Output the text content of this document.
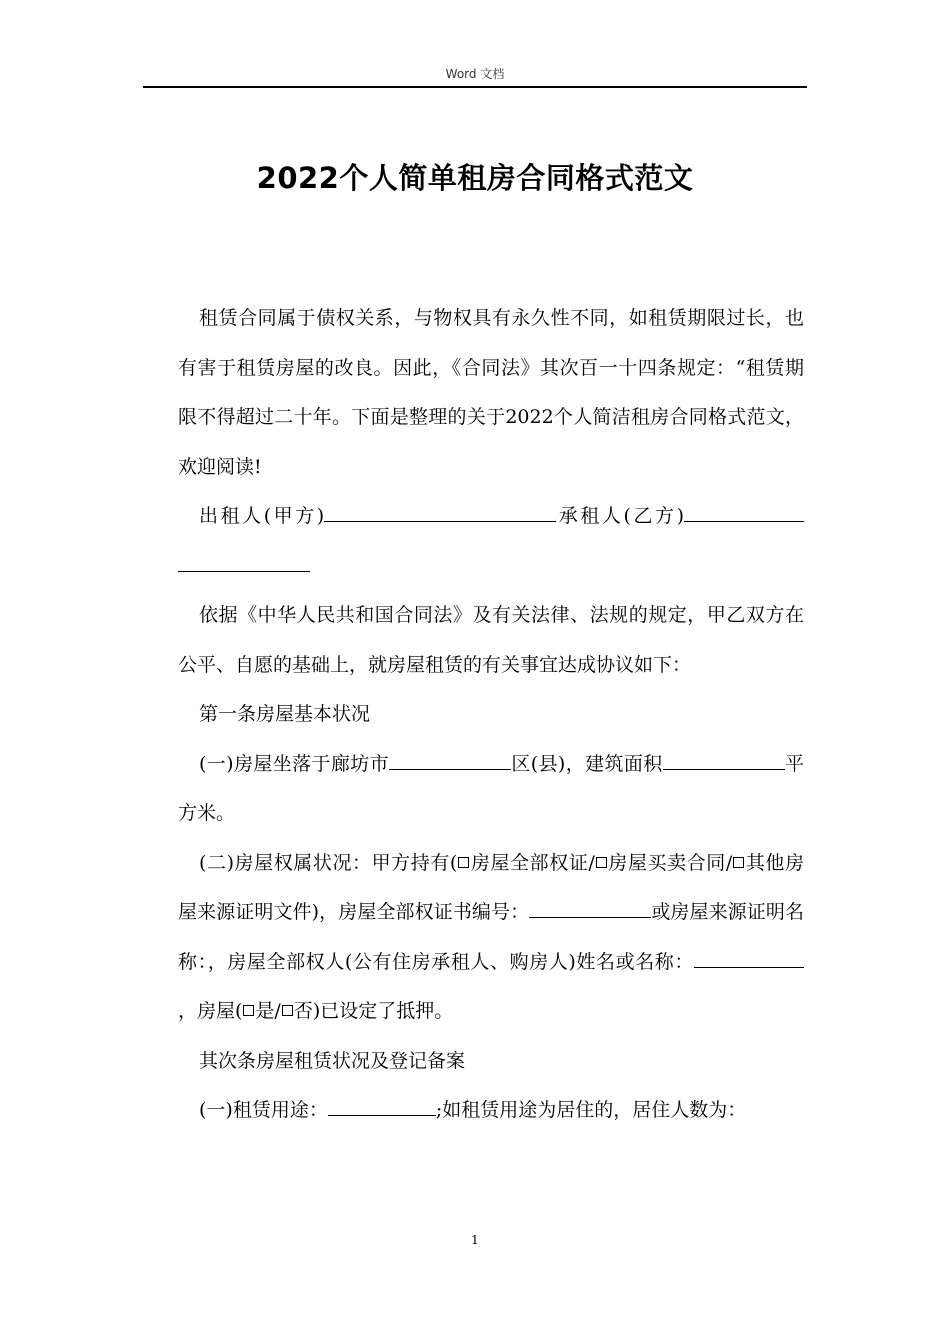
Word 文档
2022个人简单租房合同格式范文

租赁合同属于债权关系，与物权具有永久性不同，如租赁期限过长，也有害于租赁房屋的改良。因此，《合同法》其次百一十四条规定：“租赁期限不得超过二十年。下面是整理的关于2022个人简洁租房合同格式范文，欢迎阅读!

出租人(甲方)	承租人(乙方)

依据《中华人民共和国合同法》及有关法律、法规的规定，甲乙双方在公平、自愿的基础上，就房屋租赁的有关事宜达成协议如下：

第一条房屋基本状况

(一)房屋坐落于廊坊市	区(县)，建筑面积	平方米。

(二)房屋权属状况：甲方持有( 房屋全部权证/ 房屋买卖合同/ 其他房屋来源证明文件)，房屋全部权证书编号：	或房屋来源证明名称：，房屋全部权人(公有住房承租人、购房人)姓名或名称：，房屋( 是/ 否)已设定了抵押。

其次条房屋租赁状况及登记备案

(一)租赁用途：	;如租赁用途为居住的，居住人数为：

1
